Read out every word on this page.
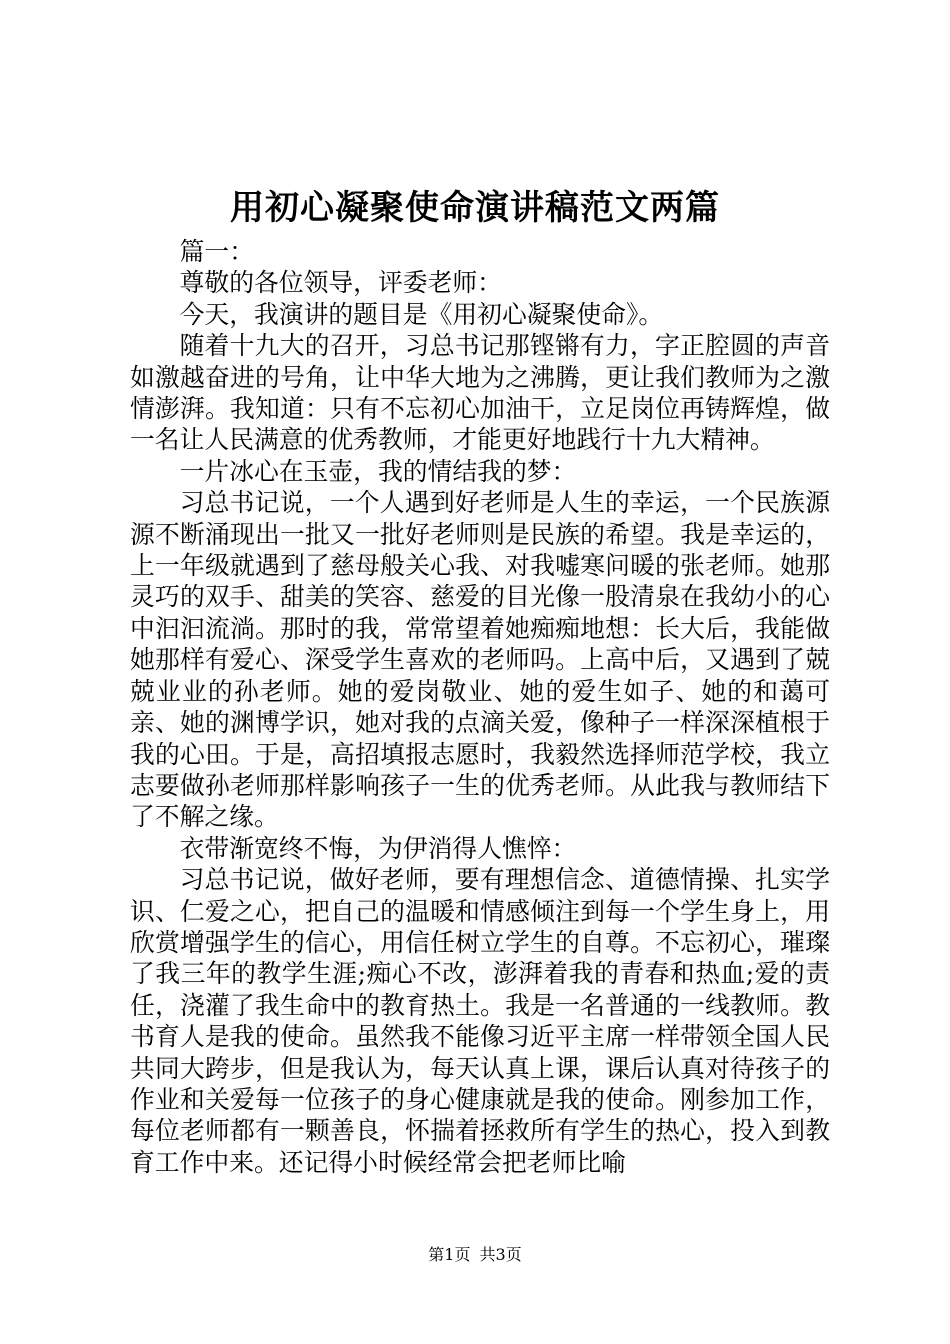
用初心凝聚使命演讲稿范文两篇

篇一：

尊敬的各位领导，评委老师：

今天，我演讲的题目是《用初心凝聚使命》。

随着十九大的召开，习总书记那铿锵有力，字正腔圆的声音如激越奋进的号角，让中华大地为之沸腾，更让我们教师为之激情澎湃。我知道：只有不忘初心加油干，立足岗位再铸辉煌，做一名让人民满意的优秀教师，才能更好地践行十九大精神。

一片冰心在玉壶，我的情结我的梦：

习总书记说，一个人遇到好老师是人生的幸运，一个民族源源不断涌现出一批又一批好老师则是民族的希望。我是幸运的，上一年级就遇到了慈母般关心我、对我嘘寒问暖的张老师。她那灵巧的双手、甜美的笑容、慈爱的目光像一股清泉在我幼小的心中汩汩流淌。那时的我，常常望着她痴痴地想：长大后，我能做她那样有爱心、深受学生喜欢的老师吗。上高中后，又遇到了兢兢业业的孙老师。她的爱岗敬业、她的爱生如子、她的和蔼可亲、她的渊博学识，她对我的点滴关爱，像种子一样深深植根于我的心田。于是，高招填报志愿时，我毅然选择师范学校，我立志要做孙老师那样影响孩子一生的优秀老师。从此我与教师结下了不解之缘。

衣带渐宽终不悔，为伊消得人憔悴：

习总书记说，做好老师，要有理想信念、道德情操、扎实学识、仁爱之心，把自己的温暖和情感倾注到每一个学生身上，用欣赏增强学生的信心，用信任树立学生的自尊。不忘初心，璀璨了我三年的教学生涯;痴心不改，澎湃着我的青春和热血;爱的责任，浇灌了我生命中的教育热土。我是一名普通的一线教师。教书育人是我的使命。虽然我不能像习近平主席一样带领全国人民共同大跨步，但是我认为，每天认真上课，课后认真对待孩子的作业和关爱每一位孩子的身心健康就是我的使命。刚参加工作，每位老师都有一颗善良，怀揣着拯救所有学生的热心，投入到教育工作中来。还记得小时候经常会把老师比喻

第1页 共3页
